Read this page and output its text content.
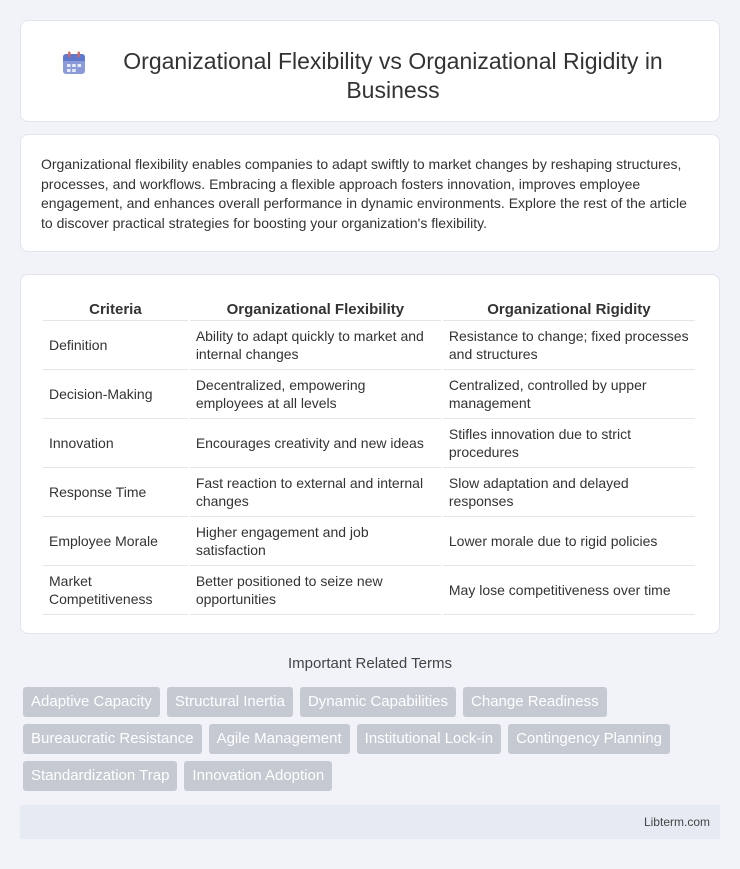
Organizational Flexibility vs Organizational Rigidity in Business

Organizational flexibility enables companies to adapt swiftly to market changes by reshaping structures, processes, and workflows. Embracing a flexible approach fosters innovation, improves employee engagement, and enhances overall performance in dynamic environments. Explore the rest of the article to discover practical strategies for boosting your organization's flexibility.

Criteria	Organizational Flexibility	Organizational Rigidity
Definition	Ability to adapt quickly to market and internal changes	Resistance to change; fixed processes and structures
Decision-Making	Decentralized, empowering employees at all levels	Centralized, controlled by upper management
Innovation	Encourages creativity and new ideas	Stifles innovation due to strict procedures
Response Time	Fast reaction to external and internal changes	Slow adaptation and delayed responses
Employee Morale	Higher engagement and job satisfaction	Lower morale due to rigid policies
Market Competitiveness	Better positioned to seize new opportunities	May lose competitiveness over time
Important Related Terms
Adaptive Capacity	Structural Inertia	Dynamic Capabilities	Change Readiness
Bureaucratic Resistance	Agile Management	Institutional Lock-in	Contingency Planning
Standardization Trap	Innovation Adoption
Libterm.com
